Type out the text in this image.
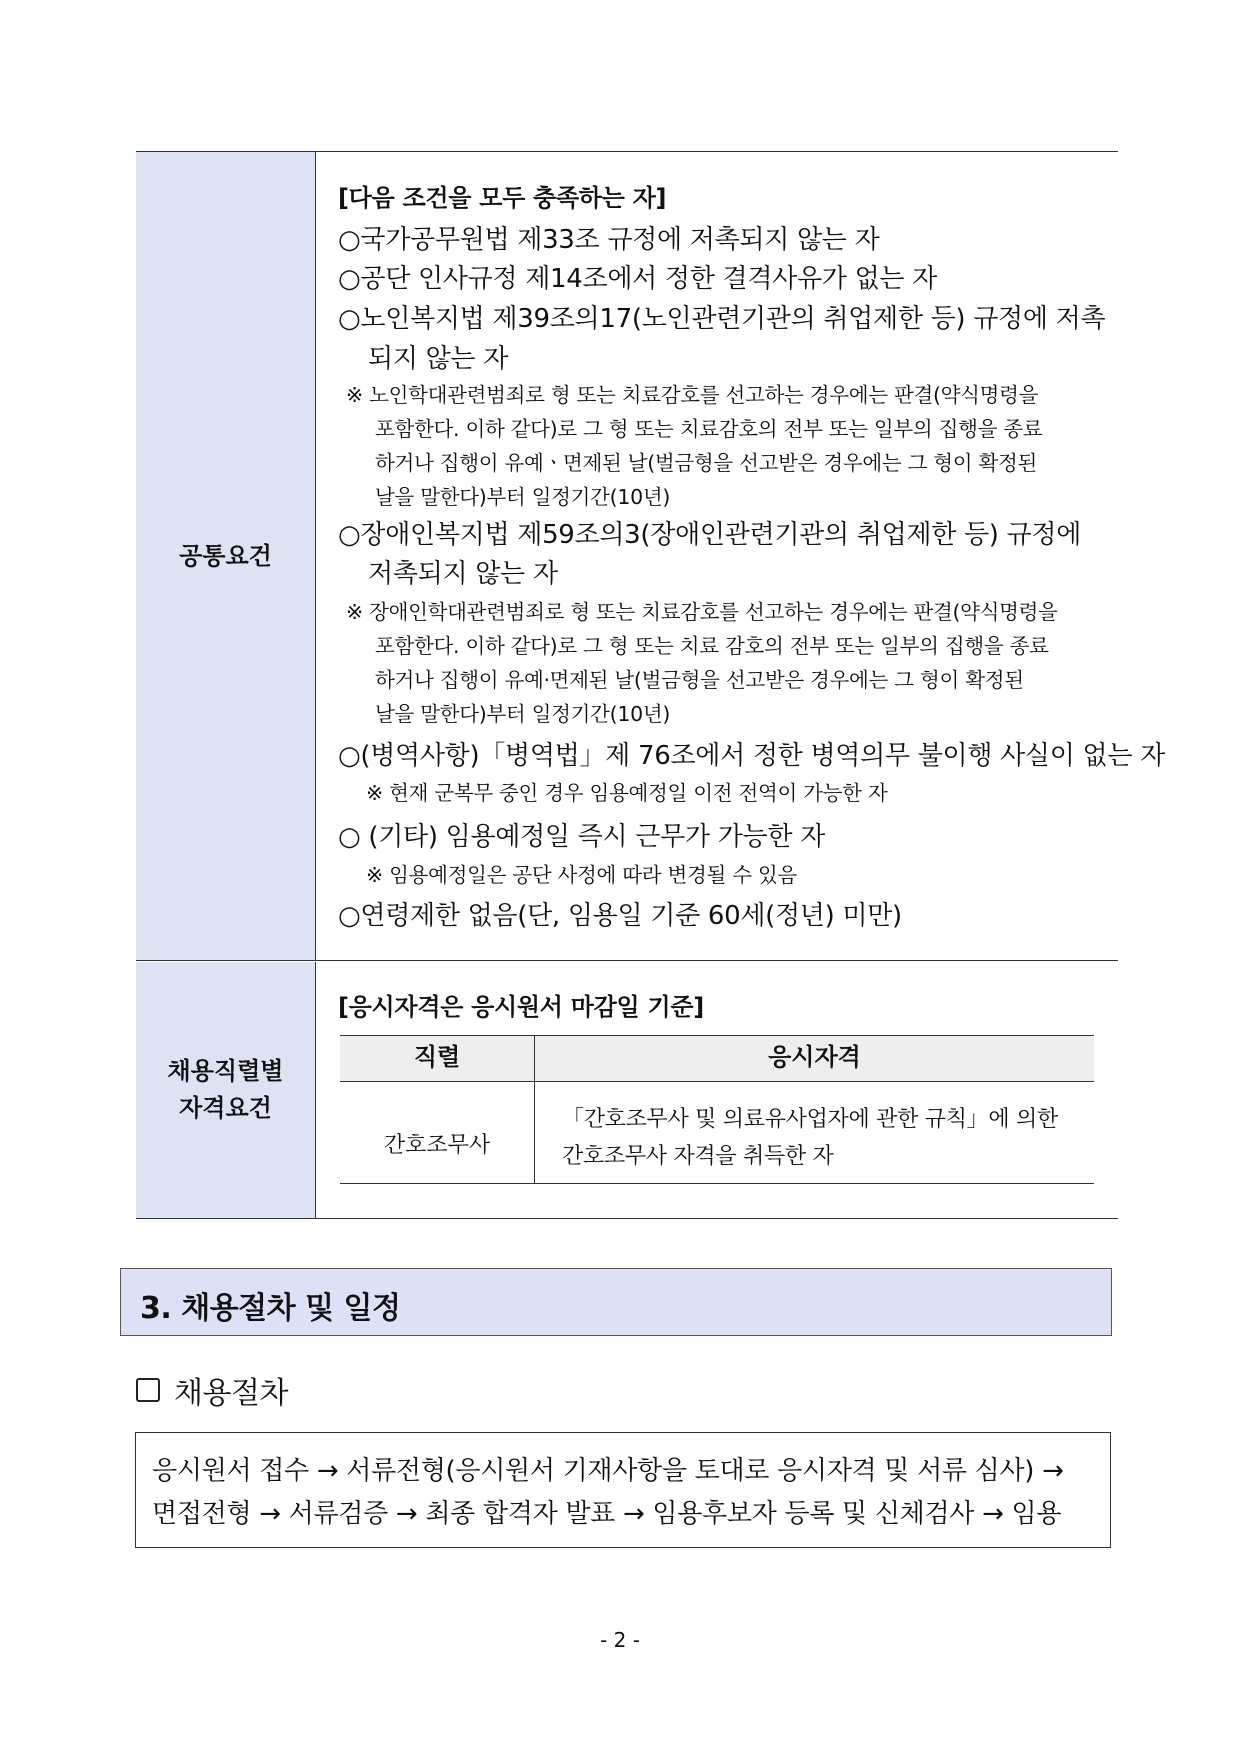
공통요건
채용직렬별
자격요건
○국가공무원법 제33조 규정에 저촉되지 않는 자
○공단 인사규정 제14조에서 정한 결격사유가 없는 자
○노인복지법 제39조의17(노인관련기관의 취업제한 등) 규정에 저촉
되지 않는 자
※ 노인학대관련범죄로 형 또는 치료감호를 선고하는 경우에는 판결(약식명령을
포함한다. 이하 같다)로 그 형 또는 치료감호의 전부 또는 일부의 집행을 종료
하거나 집행이 유예ㆍ면제된 날(벌금형을 선고받은 경우에는 그 형이 확정된
날을 말한다)부터 일정기간(10년)
○장애인복지법 제59조의3(장애인관련기관의 취업제한 등) 규정에
저촉되지 않는 자
※ 장애인학대관련범죄로 형 또는 치료감호를 선고하는 경우에는 판결(약식명령을
포함한다. 이하 같다)로 그 형 또는 치료 감호의 전부 또는 일부의 집행을 종료
하거나 집행이 유예·면제된 날(벌금형을 선고받은 경우에는 그 형이 확정된
날을 말한다)부터 일정기간(10년)
○(병역사항)「병역법」제 76조에서 정한 병역의무 불이행 사실이 없는 자
※ 현재 군복무 중인 경우 임용예정일 이전 전역이 가능한 자
○ (기타) 임용예정일 즉시 근무가 가능한 자
※ 임용예정일은 공단 사정에 따라 변경될 수 있음
○연령제한 없음(단, 임용일 기준 60세(정년) 미만)
[다음 조건을 모두 충족하는 자]
[응시자격은 응시원서 마감일 기준]
직렬	응시자격
간호조무사
「간호조무사 및 의료유사업자에 관한 규칙」에 의한
간호조무사 자격을 취득한 자
3. 채용절차 및 일정
채용절차
응시원서 접수 → 서류전형(응시원서 기재사항을 토대로 응시자격 및 서류 심사) →
면접전형 → 서류검증 → 최종 합격자 발표 → 임용후보자 등록 및 신체검사 → 임용
- 2 -
